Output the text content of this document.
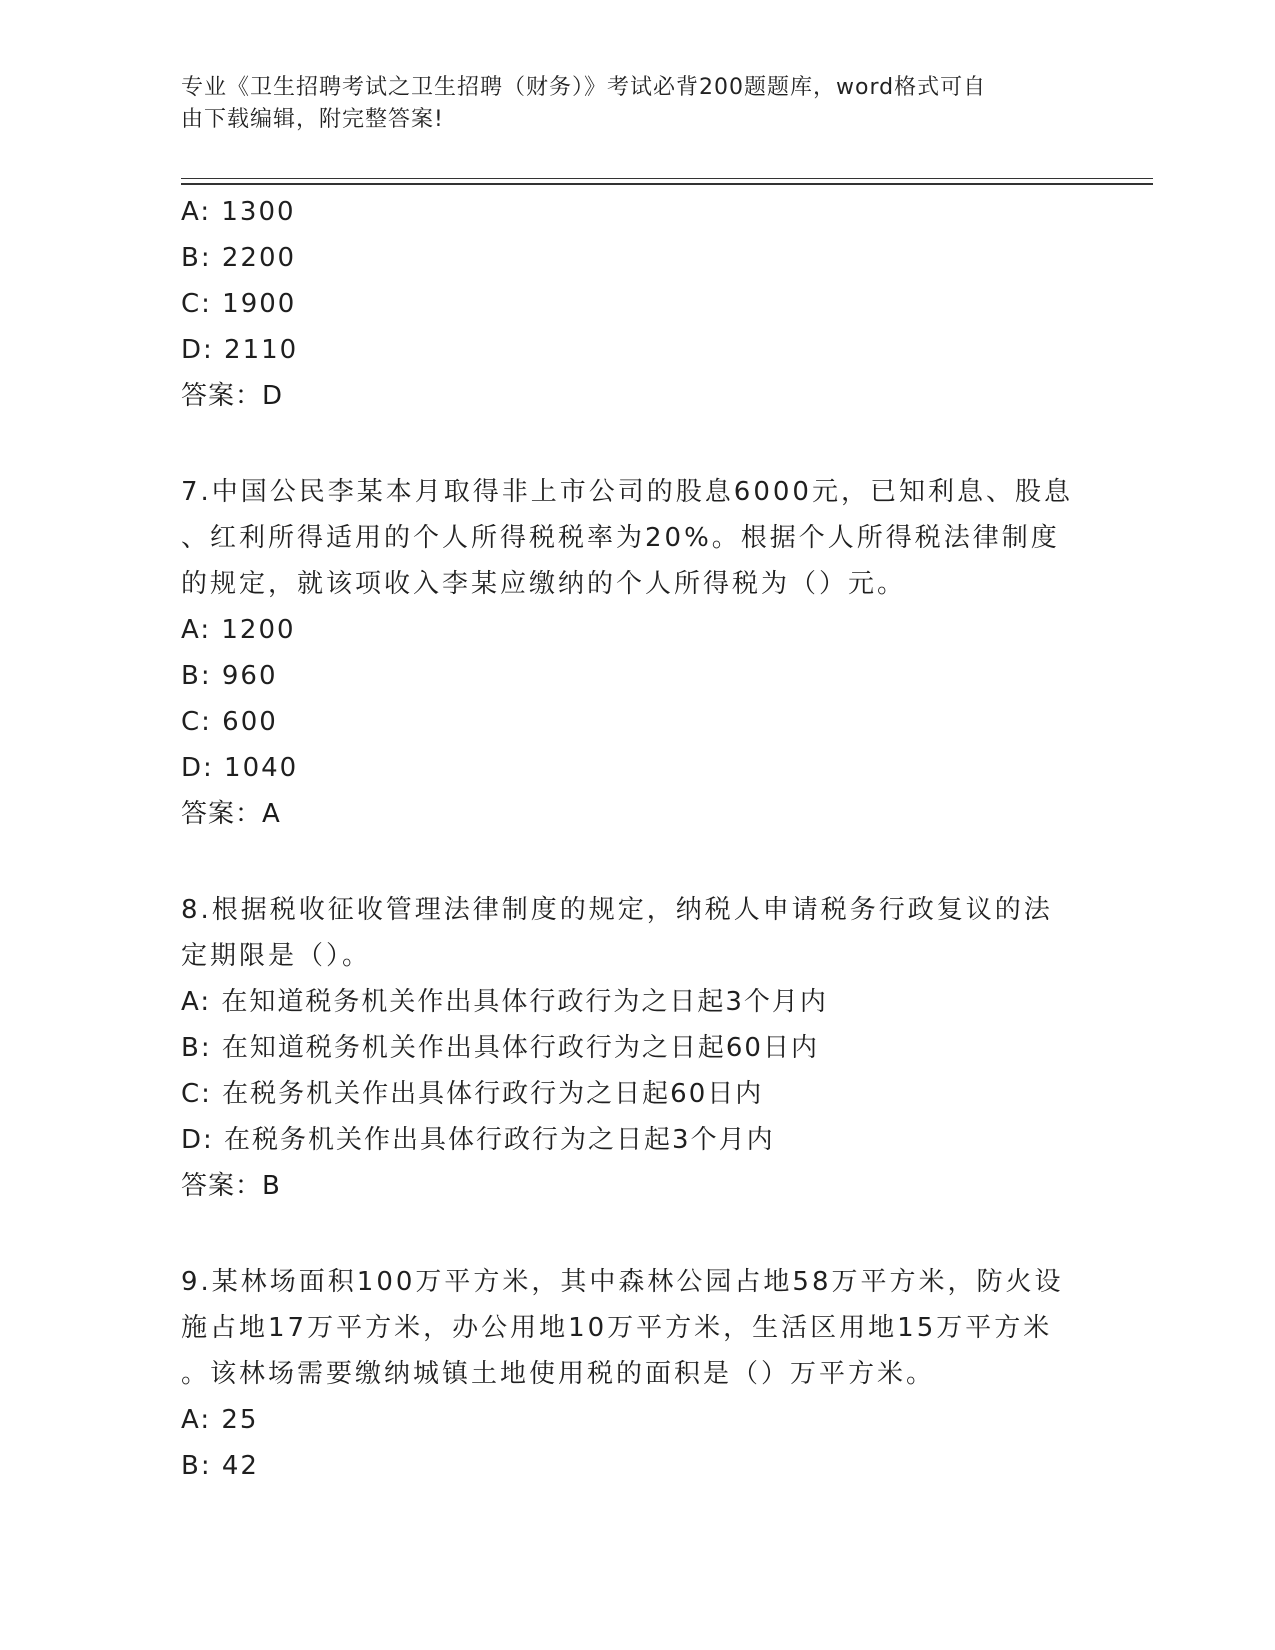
专业《卫生招聘考试之卫生招聘（财务）》考试必背200题题库，word格式可自
由下载编辑，附完整答案!
A: 1300
B: 2200
C: 1900
D: 2110
答案：D
7.中国公民李某本月取得非上市公司的股息6000元，已知利息、股息
、红利所得适用的个人所得税税率为20%。根据个人所得税法律制度
的规定，就该项收入李某应缴纳的个人所得税为（）元。
A: 1200
B: 960
C: 600
D: 1040
答案：A
8.根据税收征收管理法律制度的规定，纳税人申请税务行政复议的法
定期限是（）。
A: 在知道税务机关作出具体行政行为之日起3个月内
B: 在知道税务机关作出具体行政行为之日起60日内
C: 在税务机关作出具体行政行为之日起60日内
D: 在税务机关作出具体行政行为之日起3个月内
答案：B
9.某林场面积100万平方米，其中森林公园占地58万平方米，防火设
施占地17万平方米，办公用地10万平方米，生活区用地15万平方米
。该林场需要缴纳城镇土地使用税的面积是（）万平方米。
A: 25
B: 42
